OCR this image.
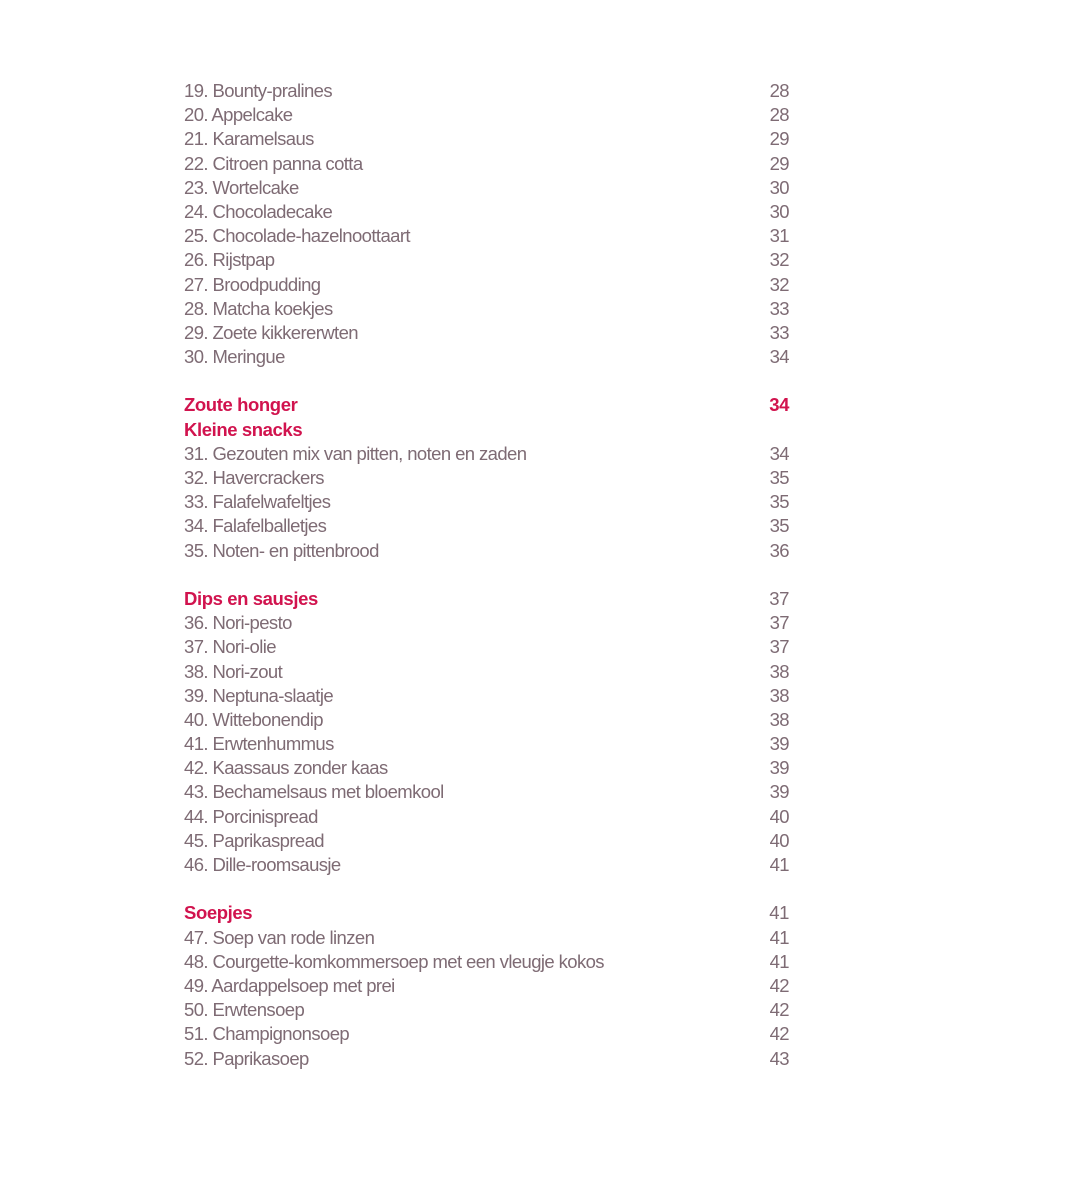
19. Bounty-pralines	28
20. Appelcake	28
21. Karamelsaus	29
22. Citroen panna cotta	29
23. Wortelcake	30
24. Chocoladecake	30
25. Chocolade-hazelnoottaart	31
26. Rijstpap	32
27. Broodpudding	32
28. Matcha koekjes	33
29. Zoete kikkererwten	33
30. Meringue	34
Zoute honger	34
Kleine snacks
31. Gezouten mix van pitten, noten en zaden	34
32. Havercrackers	35
33. Falafelwafeltjes	35
34. Falafelballetjes	35
35. Noten- en pittenbrood	36
Dips en sausjes	37
36. Nori-pesto	37
37. Nori-olie	37
38. Nori-zout	38
39. Neptuna-slaatje	38
40. Wittebonendip	38
41. Erwtenhummus	39
42. Kaassaus zonder kaas	39
43. Bechamelsaus met bloemkool	39
44. Porcinispread	40
45. Paprikaspread	40
46. Dille-roomsausje	41
Soepjes	41
47. Soep van rode linzen	41
48. Courgette-komkommersoep met een vleugje kokos	41
49. Aardappelsoep met prei	42
50. Erwtensoep	42
51. Champignonsoep	42
52. Paprikasoep	43
